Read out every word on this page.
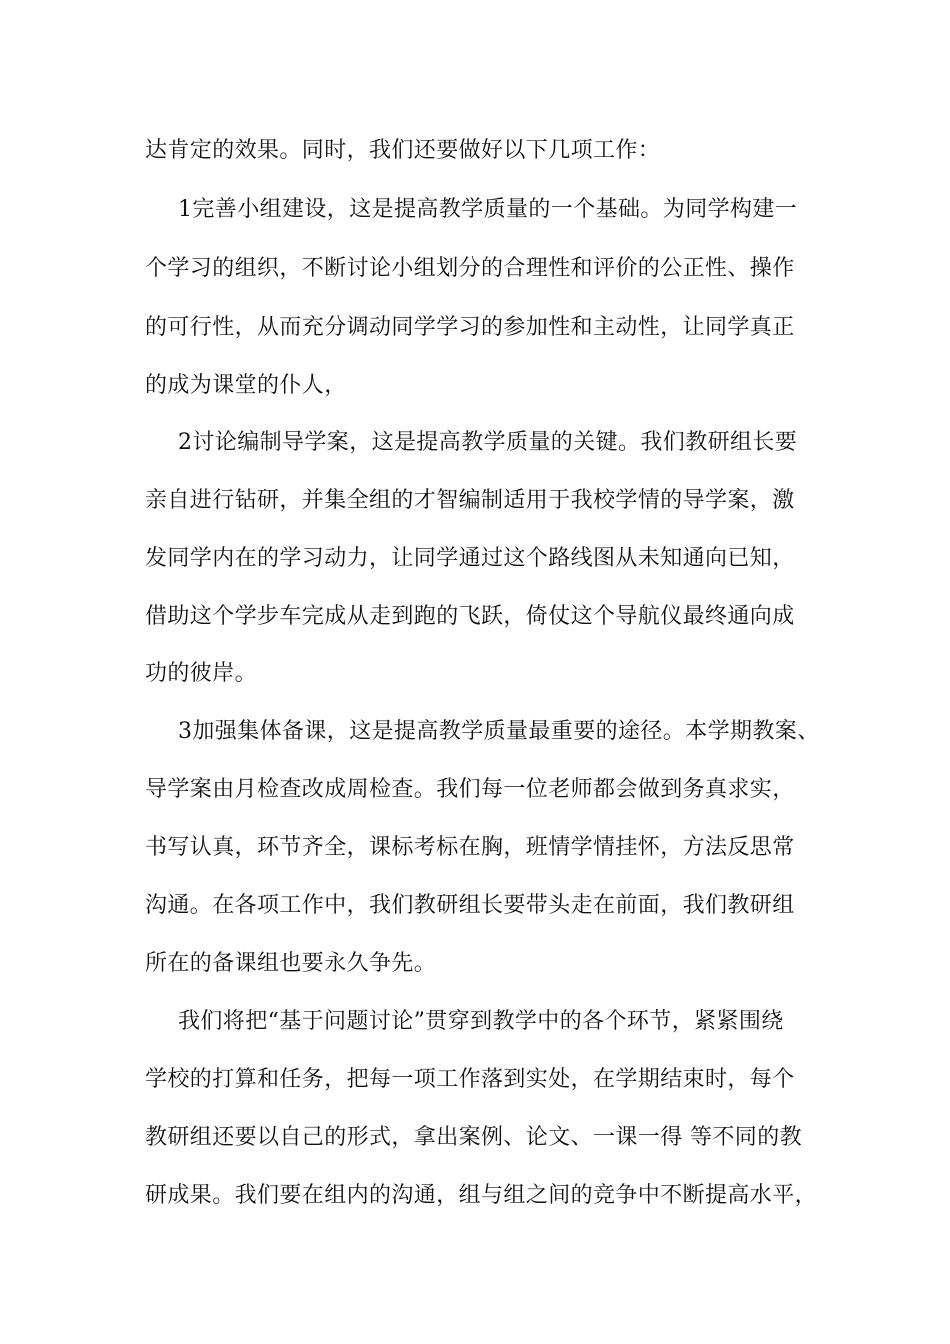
达肯定的效果。同时，我们还要做好以下几项工作：
1完善小组建设，这是提高教学质量的一个基础。为同学构建一
个学习的组织，不断讨论小组划分的合理性和评价的公正性、操作
的可行性，从而充分调动同学学习的参加性和主动性，让同学真正
的成为课堂的仆人，
2讨论编制导学案，这是提高教学质量的关键。我们教研组长要
亲自进行钻研，并集全组的才智编制适用于我校学情的导学案，激
发同学内在的学习动力，让同学通过这个路线图从未知通向已知，
借助这个学步车完成从走到跑的飞跃，倚仗这个导航仪最终通向成
功的彼岸。
3加强集体备课，这是提高教学质量最重要的途径。本学期教案、
导学案由月检查改成周检查。我们每一位老师都会做到务真求实，
书写认真，环节齐全，课标考标在胸，班情学情挂怀，方法反思常
沟通。在各项工作中，我们教研组长要带头走在前面，我们教研组
所在的备课组也要永久争先。
我们将把“基于问题讨论”贯穿到教学中的各个环节，紧紧围绕
学校的打算和任务，把每一项工作落到实处，在学期结束时，每个
教研组还要以自己的形式，拿出案例、论文、一课一得 等不同的教
研成果。我们要在组内的沟通，组与组之间的竞争中不断提高水平，
